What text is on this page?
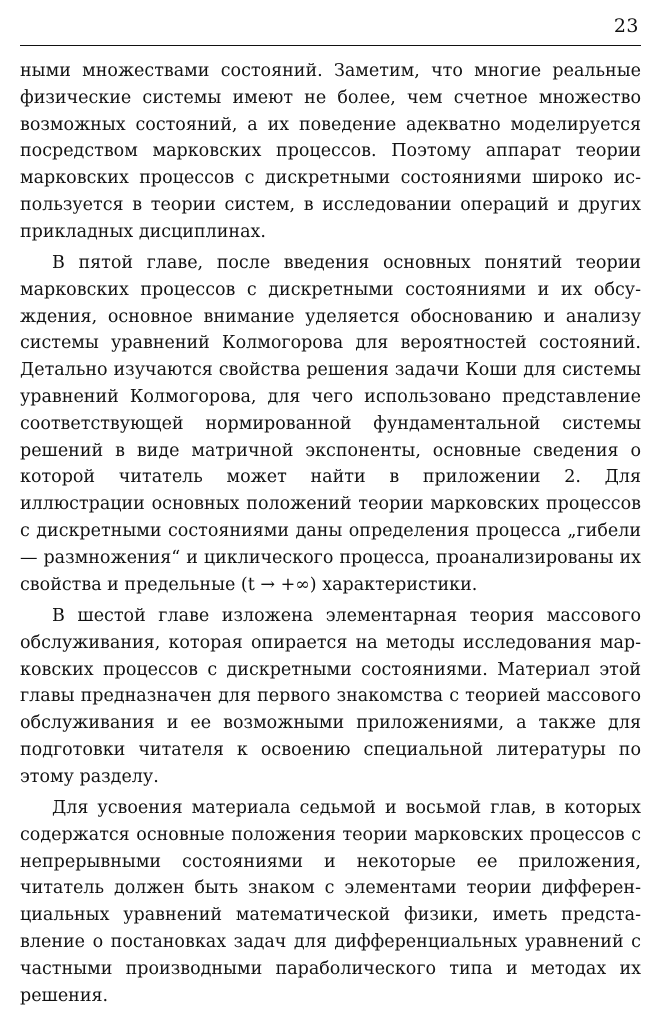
23

ными множествами состояний. Заметим, что многие реальные физические системы имеют не более, чем счетное множество возможных состояний, а их поведение адекватно моделируется посредством марковских процессов. Поэтому аппарат теории марковских процессов с дискретными состояниями широко используется в теории систем, в исследовании операций и других прикладных дисциплинах.

В пятой главе, после введения основных понятий теории марковских процессов с дискретными состояниями и их обсуждения, основное внимание уделяется обоснованию и анализу системы уравнений Колмогорова для вероятностей состояний. Детально изучаются свойства решения задачи Коши для системы уравнений Колмогорова, для чего использовано представление соответствующей нормированной фундаментальной системы решений в виде матричной экспоненты, основные сведения о которой читатель может найти в приложении 2. Для иллюстрации основных положений теории марковских процессов с дискретными состояниями даны определения процесса „гибели — размножения“ и циклического процесса, проанализированы их свойства и предельные (t → +∞) характеристики.

В шестой главе изложена элементарная теория массового обслуживания, которая опирается на методы исследования марковских процессов с дискретными состояниями. Материал этой главы предназначен для первого знакомства с теорией массового обслуживания и ее возможными приложениями, а также для подготовки читателя к освоению специальной литературы по этому разделу.

Для усвоения материала седьмой и восьмой глав, в которых содержатся основные положения теории марковских процессов с непрерывными состояниями и некоторые ее приложения, читатель должен быть знаком с элементами теории дифференциальных уравнений математической физики, иметь представление о постановках задач для дифференциальных уравнений с частными производными параболического типа и методах их решения.
